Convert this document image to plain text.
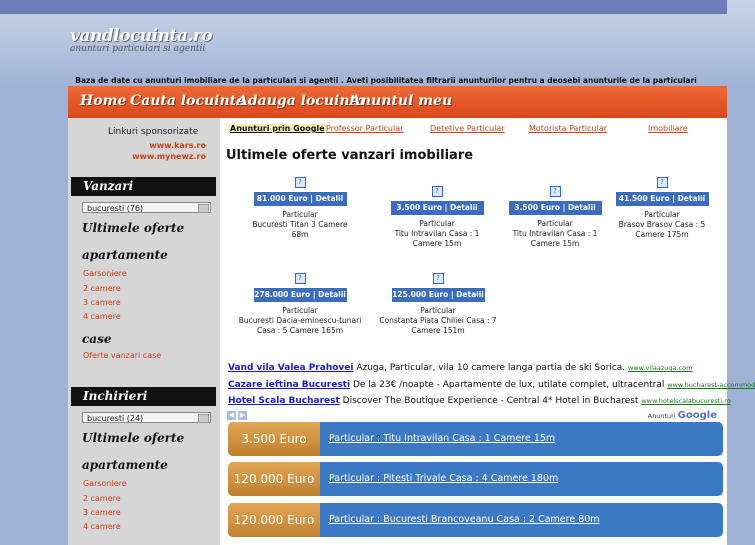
vandlocuinta.ro
anunturi particulari si agentii
Baza de date cu anunturi imobiliare de la particulari si agentii . Aveti posibilitatea filtrarii anunturilor pentru a deosebi anunturile de la particulari
Home Cauta locuinta
Adauga locuinta
Anuntul meu
Linkuri sponsorizate
www.kars.ro
www.mynewz.ro
Vanzari
bucuresti (76)
Ultimele oferte
apartamente
Garsoniere
2 camere
3 camere
4 camere
case
Oferte vanzari case
Inchirieri
bucuresti (24)
Ultimele oferte
apartamente
Garsoniere
2 camere
3 camere
4 camere
Anunturi prin Google Professor Particular	Detetive Particular	Motorista Particular	Imobiliare
Ultimele oferte vanzari imobiliare
?
81.000 Euro | Detalii
Particular
Bucuresti Titan 3 Camere 68m
?
3.500 Euro | Detalii
Particular
Titu Intravilan Casa : 1 Camere 15m
?
3.500 Euro | Detalii
Particular
Titu Intravilan Casa : 1 Camere 15m
?
41.500 Euro | Detalii
Particular
Brasov Brasov Casa : 5 Camere 175m
?
278.000 Euro | Detalii
Particular
Bucuresti Dacia-eminescu-tunari Casa : 5 Camere 165m
?
125.000 Euro | Detalii
Particular
Constanta Piata Chiliei Casa : 7 Camere 151m
Vand vila Valea Prahovei Azuga, Particular, vila 10 camere langa partia de ski Sorica. www.vilaazuga.com
Cazare ieftina Bucuresti De la 23€ /noapte - Apartamente de lux, utilate complet, ultracentral www.bucharest-accommod
Hotel Scala Bucharest Discover The Boutique Experience - Central 4* Hotel in Bucharest www.hotelscalabucuresti.ro
◀ ▶	Anunturi Google
3.500 Euro	Particular : Titu Intravilan Casa : 1 Camere 15m
120.000 Euro	Particular : Pitesti Trivale Casa : 4 Camere 180m
120.000 Euro	Particular : Bucuresti Brancoveanu Casa : 2 Camere 80m
